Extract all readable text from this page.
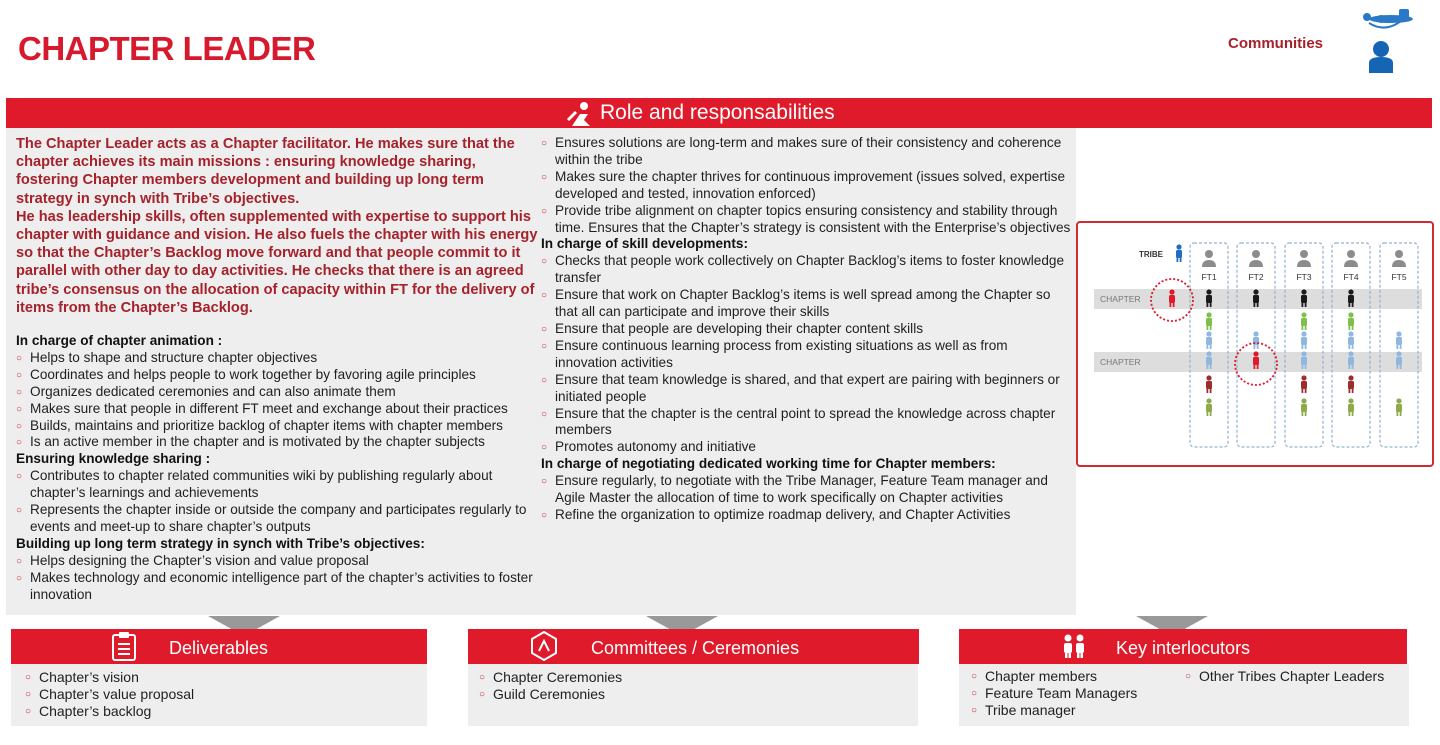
CHAPTER LEADER	Communities
Role and responsabilities
The Chapter Leader acts as a Chapter facilitator. He makes sure that the chapter achieves its main missions : ensuring knowledge sharing, fostering Chapter members development and building up long term strategy in synch with Tribe’s objectives.
He has leadership skills, often supplemented with expertise to support his chapter with guidance and vision. He also fuels the chapter with his energy so that the Chapter’s Backlog move forward and that people commit to it parallel with other day to day activities. He checks that there is an agreed tribe’s consensus on the allocation of capacity within FT for the delivery of items from the Chapter’s Backlog.
In charge of chapter animation :
○ Helps to shape and structure chapter objectives
○ Coordinates and helps people to work together by favoring agile principles
○ Organizes dedicated ceremonies and can also animate them
○ Makes sure that people in different FT meet and exchange about their practices
○ Builds, maintains and prioritize backlog of chapter items with chapter members
○ Is an active member in the chapter and is motivated by the chapter subjects
Ensuring knowledge sharing :
○ Contributes to chapter related communities wiki by publishing regularly about chapter’s learnings and achievements
○ Represents the chapter inside or outside the company and participates regularly to events and meet-up to share chapter’s outputs
Building up long term strategy in synch with Tribe’s objectives:
○ Helps designing the Chapter’s vision and value proposal
○ Makes technology and economic intelligence part of the chapter’s activities to foster innovation
○ Ensures solutions are long-term and makes sure of their consistency and coherence within the tribe
○ Makes sure the chapter thrives for continuous improvement (issues solved, expertise developed and tested, innovation enforced)
○ Provide tribe alignment on chapter topics ensuring consistency and stability through time. Ensures that the Chapter’s strategy is consistent with the Enterprise’s objectives
In charge of skill developments:
○ Checks that people work collectively on Chapter Backlog’s items to foster knowledge transfer
○ Ensure that work on Chapter Backlog’s items is well spread among the Chapter so that all can participate and improve their skills
○ Ensure that people are developing their chapter content skills
○ Ensure continuous learning process from existing situations as well as from innovation activities
○ Ensure that team knowledge is shared, and that expert are pairing with beginners or initiated people
○ Ensure that the chapter is the central point to spread the knowledge across chapter members
○ Promotes autonomy and initiative
In charge of negotiating dedicated working time for Chapter members:
○ Ensure regularly, to negotiate with the Tribe Manager, Feature Team manager and Agile Master the allocation of time to work specifically on Chapter activities
○ Refine the organization to optimize roadmap delivery, and Chapter Activities
CHAPTER
CHAPTER
TRIBE
FT1	FT2	FT3	FT4	FT5
Deliverables
○ Chapter’s vision
○ Chapter’s value proposal
○ Chapter’s backlog
Committees / Ceremonies
○ Chapter Ceremonies
○ Guild Ceremonies
Key interlocutors
○ Chapter members
○ Feature Team Managers
○ Tribe manager
○ Other Tribes Chapter Leaders
